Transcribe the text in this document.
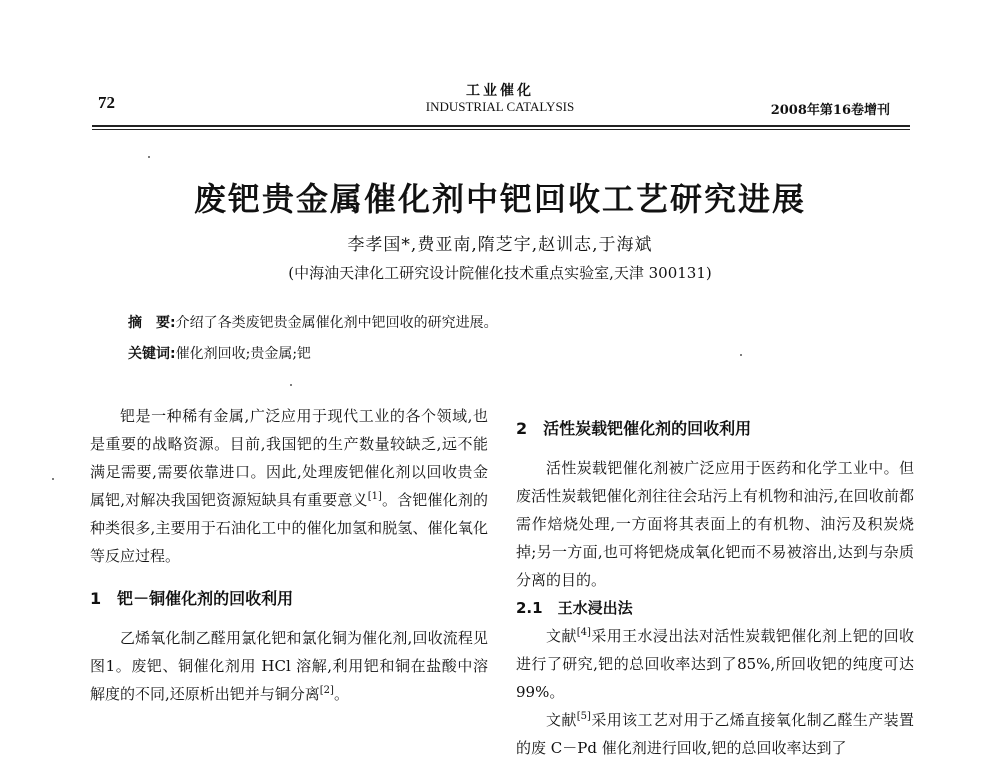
72
工业催化
INDUSTRIAL CATALYSIS	2008年第16卷增刊
废钯贵金属催化剂中钯回收工艺研究进展
李孝国*,费亚南,隋芝宇,赵训志,于海斌
(中海油天津化工研究设计院催化技术重点实验室,天津 300131)
摘　要:介绍了各类废钯贵金属催化剂中钯回收的研究进展。
关键词:催化剂回收;贵金属;钯

钯是一种稀有金属,广泛应用于现代工业的各个领域,也是重要的战略资源。目前,我国钯的生产数量较缺乏,远不能满足需要,需要依靠进口。因此,处理废钯催化剂以回收贵金属钯,对解决我国钯资源短缺具有重要意义[1]。含钯催化剂的种类很多,主要用于石油化工中的催化加氢和脱氢、催化氧化等反应过程。

1　钯－铜催化剂的回收利用

乙烯氧化制乙醛用氯化钯和氯化铜为催化剂,回收流程见图1。废钯、铜催化剂用 HCl 溶解,利用钯和铜在盐酸中溶解度的不同,还原析出钯并与铜分离[2]。

2　活性炭载钯催化剂的回收利用

活性炭载钯催化剂被广泛应用于医药和化学工业中。但废活性炭载钯催化剂往往会玷污上有机物和油污,在回收前都需作焙烧处理,一方面将其表面上的有机物、油污及积炭烧掉;另一方面,也可将钯烧成氧化钯而不易被溶出,达到与杂质分离的目的。

2.1　王水浸出法

文献[4]采用王水浸出法对活性炭载钯催化剂上钯的回收进行了研究,钯的总回收率达到了85%,所回收钯的纯度可达99%。

文献[5]采用该工艺对用于乙烯直接氧化制乙醛生产装置的废 C－Pd 催化剂进行回收,钯的总回收率达到了
